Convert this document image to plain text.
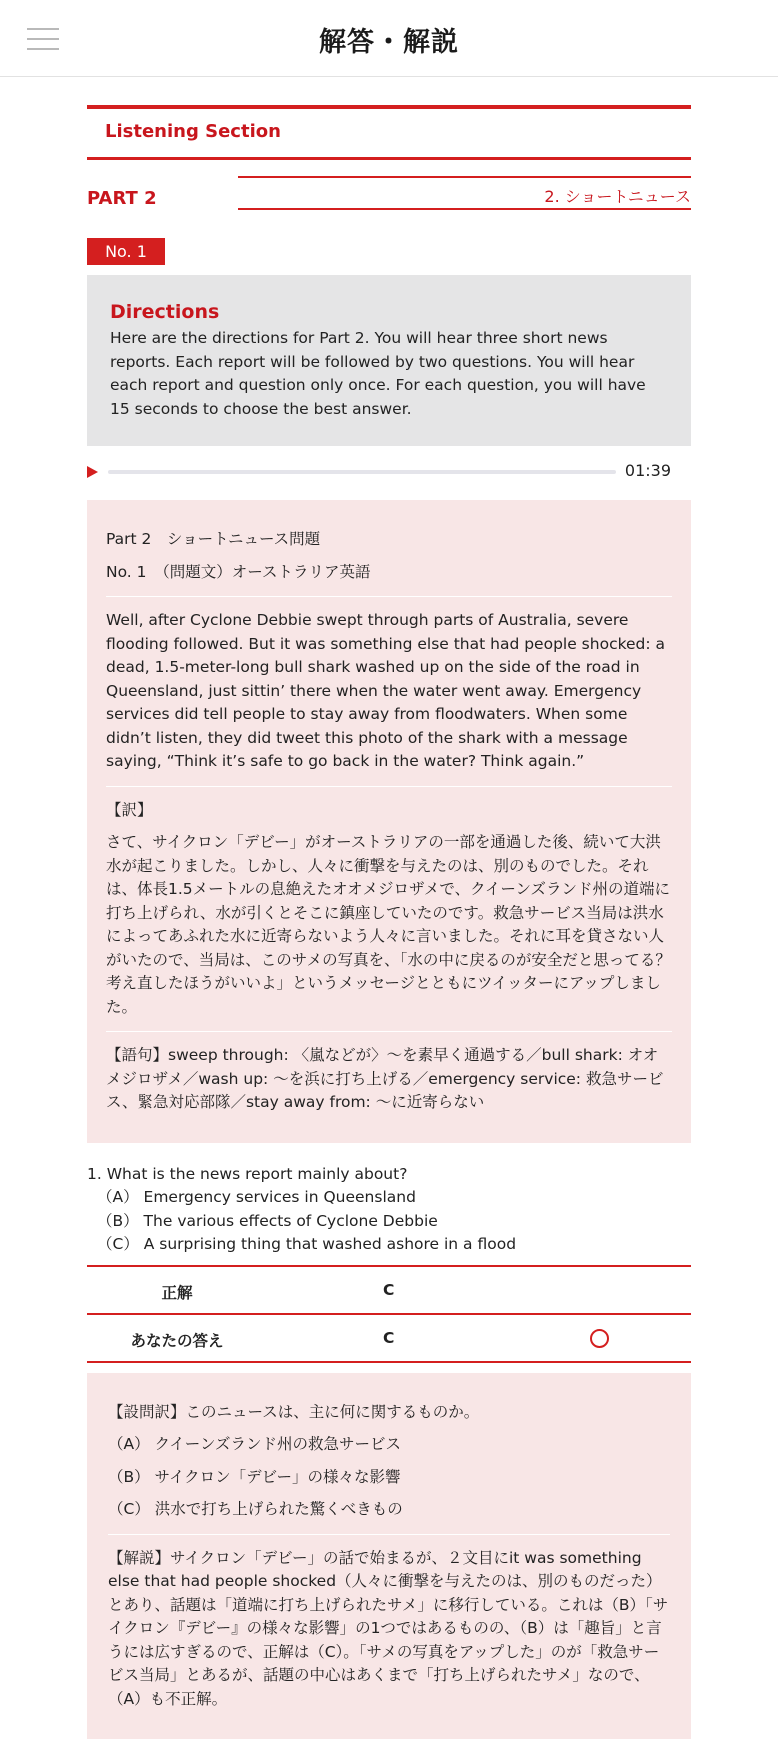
解答・解説
Listening Section
PART 2	2. ショートニュース
No. 1
Directions

Here are the directions for Part 2. You will hear three short news reports. Each report will be followed by two questions. You will hear each report and question only once. For each question, you will have 15 seconds to choose the best answer.

01:39
Part 2　ショートニュース問題
No. 1　（問題文）オーストラリア英語
Well, after Cyclone Debbie swept through parts of Australia, severe flooding followed. But it was something else that had people shocked: a dead, 1.5-meter-long bull shark washed up on the side of the road in Queensland, just sittin’ there when the water went away. Emergency services did tell people to stay away from floodwaters. When some didn’t listen, they did tweet this photo of the shark with a message saying, “Think it’s safe to go back in the water? Think again.”
【訳】
さて、サイクロン「デビー」がオーストラリアの一部を通過した後、続いて大洪水が起こりました。しかし、人々に衝撃を与えたのは、別のものでした。それは、体長1.5メートルの息絶えたオオメジロザメで、クイーンズランド州の道端に打ち上げられ、水が引くとそこに鎮座していたのです。救急サービス当局は洪水によってあふれた水に近寄らないよう人々に言いました。それに耳を貸さない人がいたので、当局は、このサメの写真を、「水の中に戻るのが安全だと思ってる？　考え直したほうがいいよ」というメッセージとともにツイッターにアップしました。
【語句】sweep through: 〈嵐などが〉～を素早く通過する／bull shark: オオメジロザメ／wash up: ～を浜に打ち上げる／emergency service: 救急サービス、緊急対応部隊／stay away from: ～に近寄らない
1. What is the news report mainly about?
（A） Emergency services in Queensland
（B） The various effects of Cyclone Debbie
（C） A surprising thing that washed ashore in a flood
正解	C
あなたの答え	C
【設問訳】このニュースは、主に何に関するものか。
（A） クイーンズランド州の救急サービス
（B） サイクロン「デビー」の様々な影響
（C） 洪水で打ち上げられた驚くべきもの
【解説】サイクロン「デビー」の話で始まるが、２文目にit was something else that had people shocked（人々に衝撃を与えたのは、別のものだった）とあり、話題は「道端に打ち上げられたサメ」に移行している。これは（B）「サイクロン『デビー』の様々な影響」の1つではあるものの、（B）は「趣旨」と言うには広すぎるので、正解は（C）。「サメの写真をアップした」のが「救急サービス当局」とあるが、話題の中心はあくまで「打ち上げられたサメ」なので、（A）も不正解。
